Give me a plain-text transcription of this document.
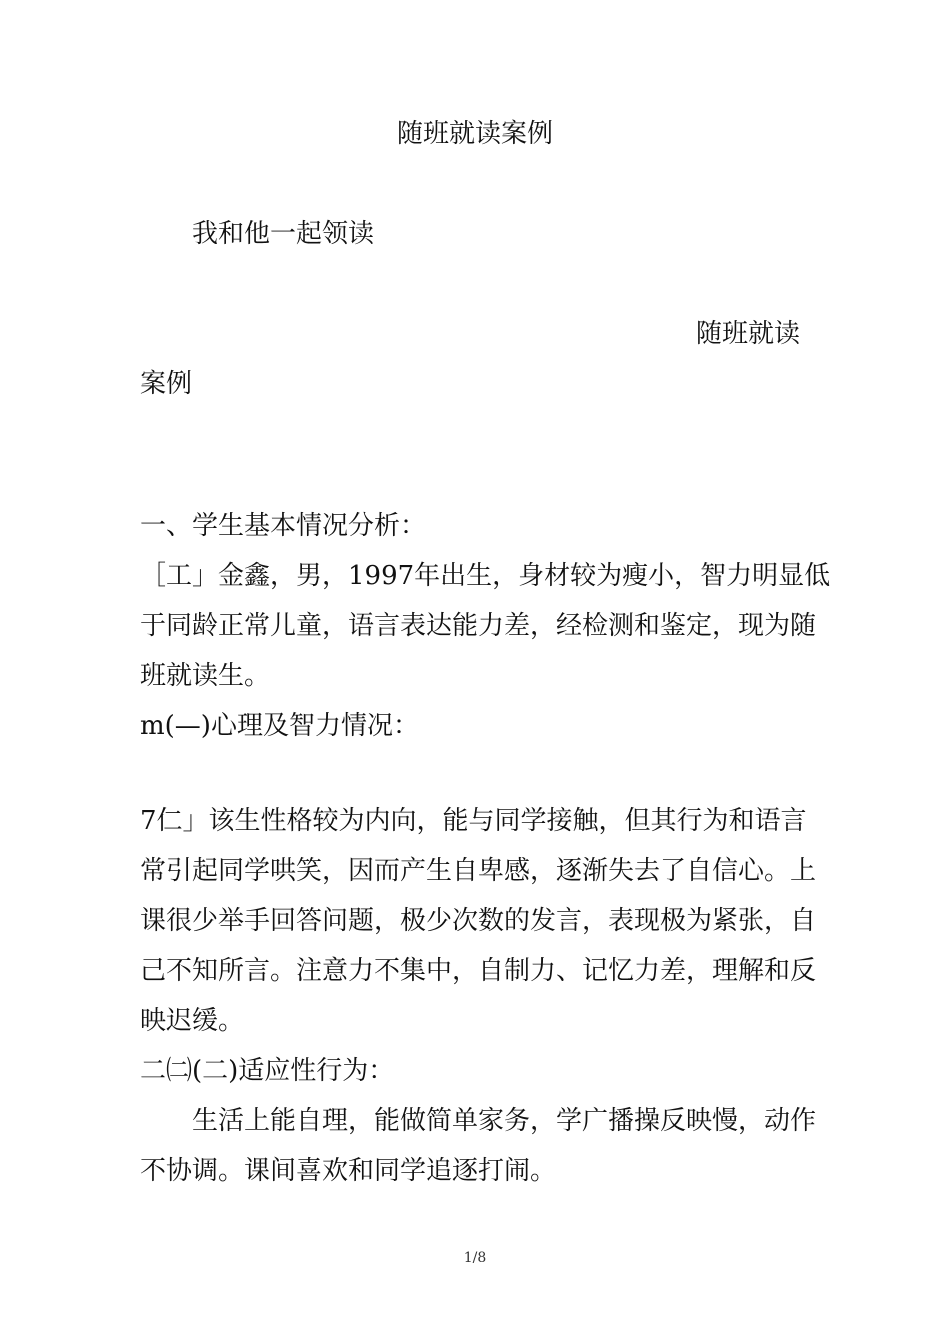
随班就读案例
我和他一起领读
随班就读
案例
一、学生基本情况分析：
［工」金鑫，男，1997年出生，身材较为瘦小，智力明显低
于同龄正常儿童，语言表达能力差，经检测和鉴定，现为随
班就读生。
m(—)心理及智力情况：
7仁」该生性格较为内向，能与同学接触，但其行为和语言
常引起同学哄笑，因而产生自卑感，逐渐失去了自信心。上
课很少举手回答问题，极少次数的发言，表现极为紧张，自
己不知所言。注意力不集中，自制力、记忆力差，理解和反
映迟缓。
二㈡(二)适应性行为：
生活上能自理，能做简单家务，学广播操反映慢，动作
不协调。课间喜欢和同学追逐打闹。
1/8
